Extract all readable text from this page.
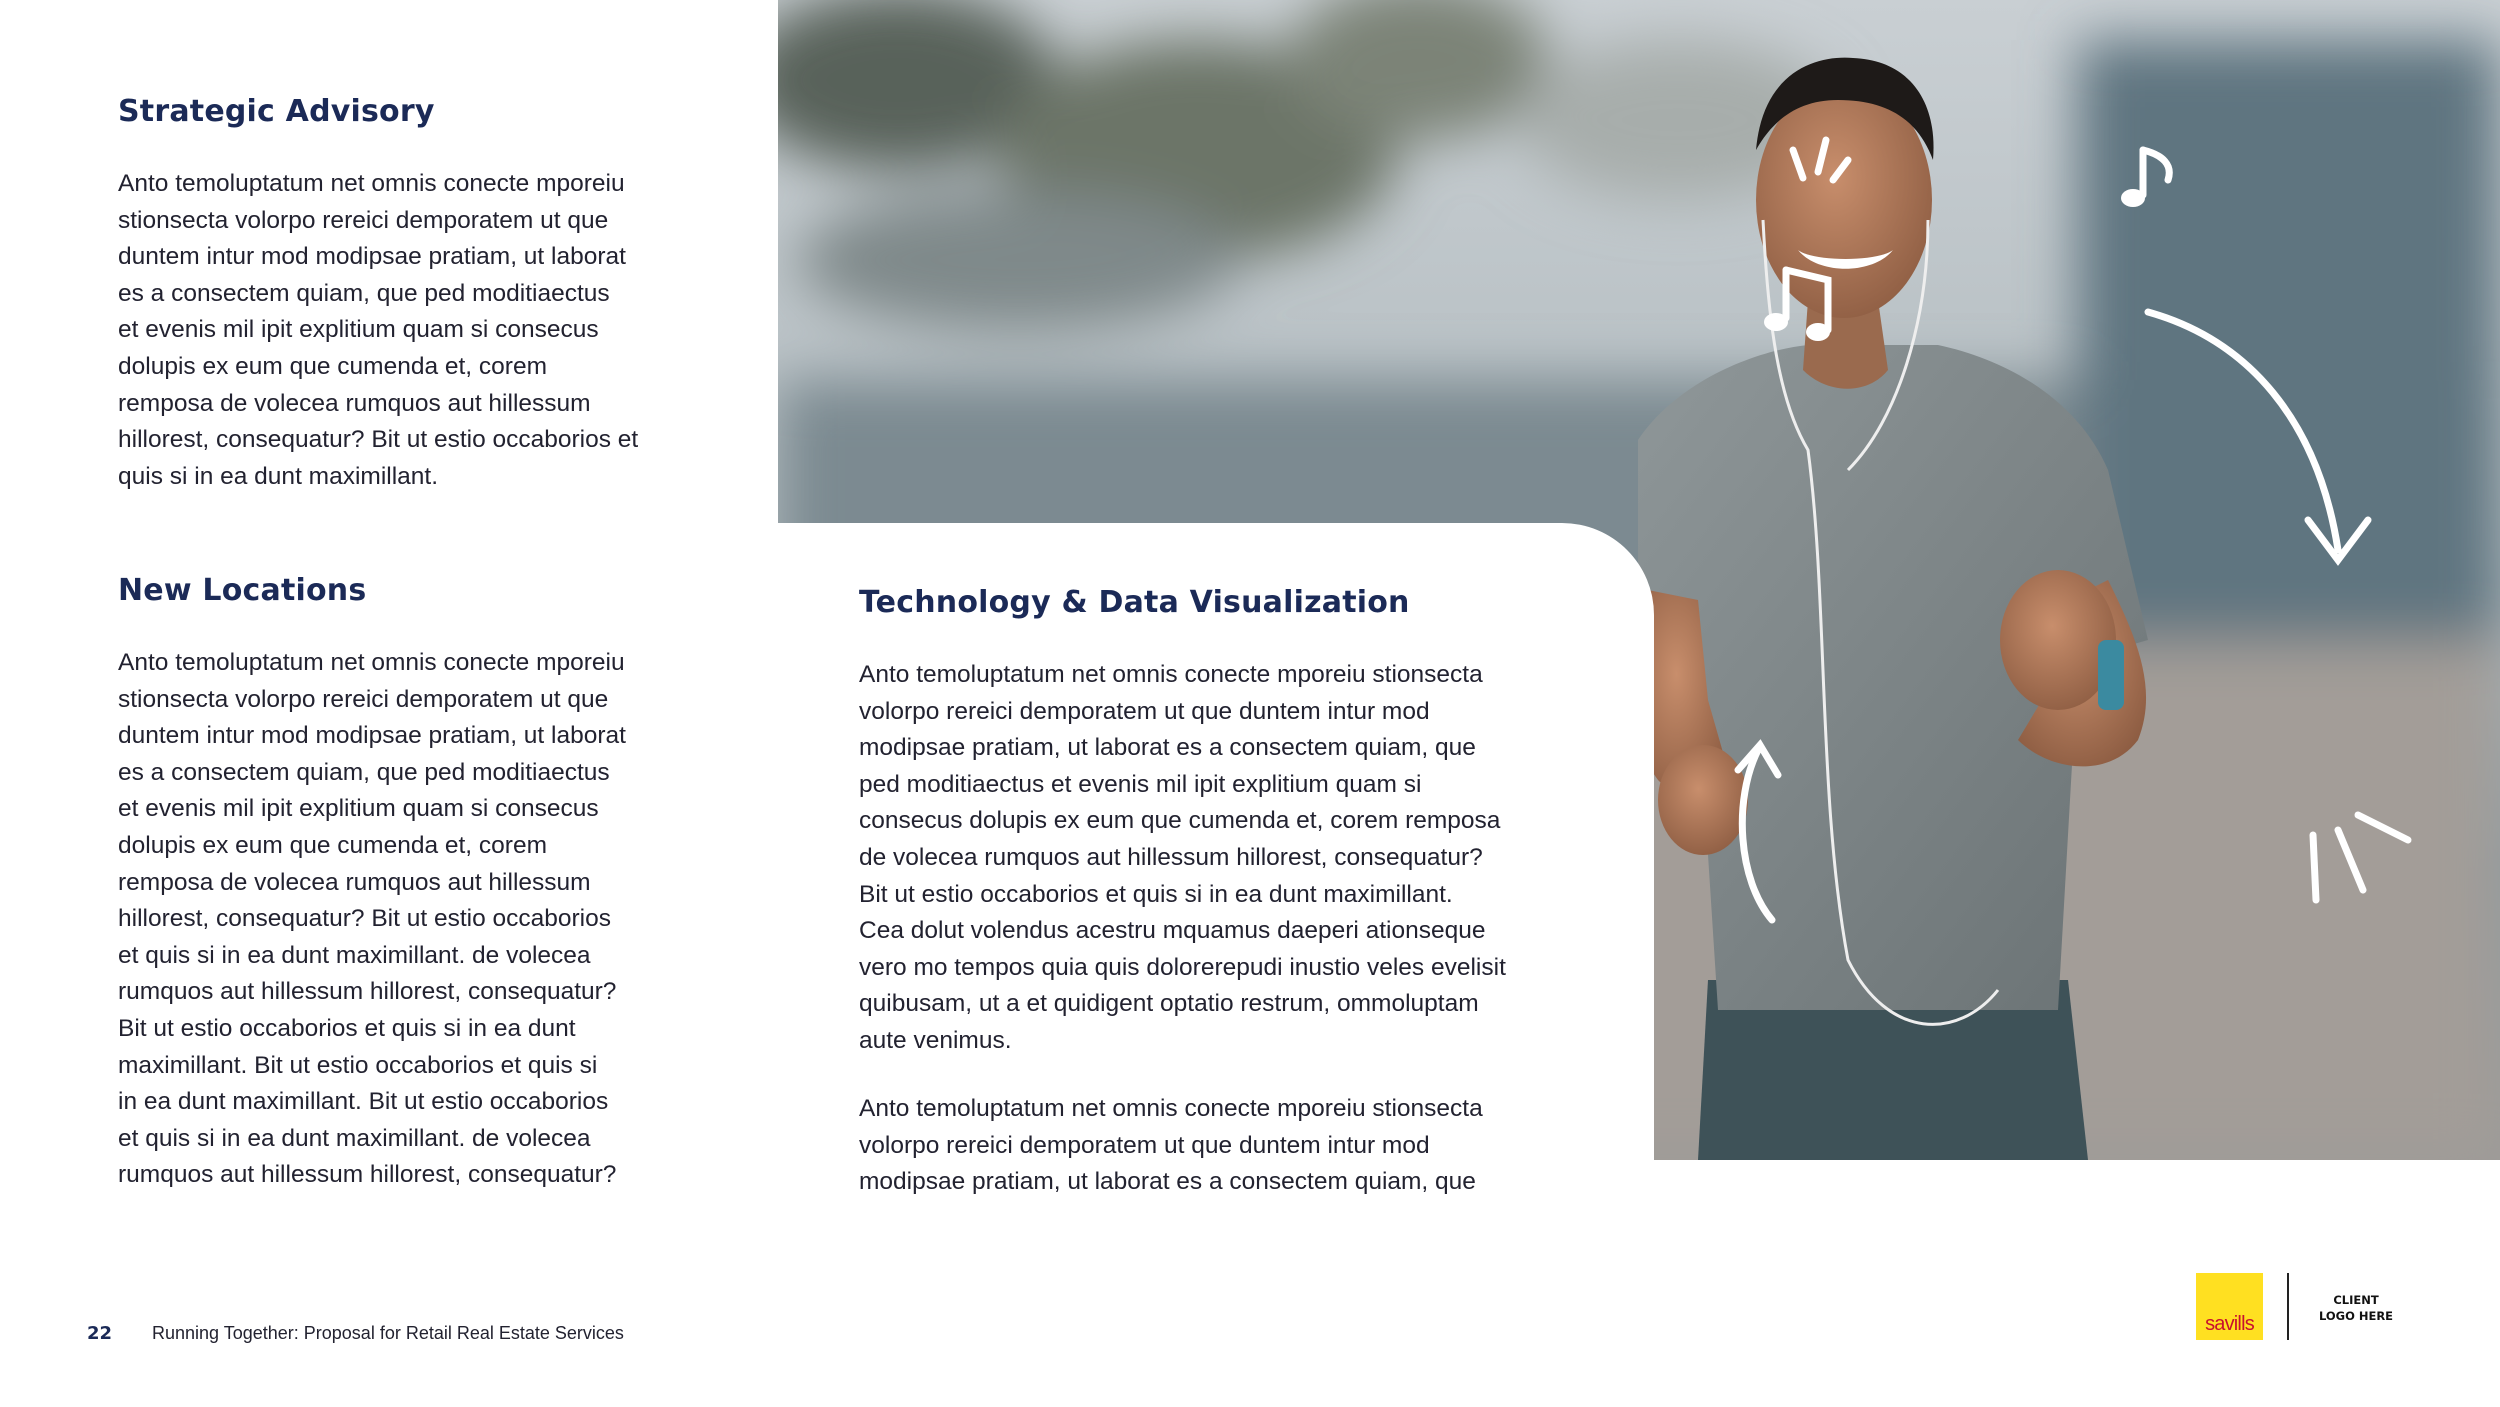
Strategic Advisory

Anto temoluptatum net omnis conecte mporeiu
stionsecta volorpo rereici demporatem ut que
duntem intur mod modipsae pratiam, ut laborat
es a consectem quiam, que ped moditiaectus
et evenis mil ipit explitium quam si consecus
dolupis ex eum que cumenda et, corem
remposa de volecea rumquos aut hillessum
hillorest, consequatur? Bit ut estio occaborios et
quis si in ea dunt maximillant.

New Locations

Anto temoluptatum net omnis conecte mporeiu
stionsecta volorpo rereici demporatem ut que
duntem intur mod modipsae pratiam, ut laborat
es a consectem quiam, que ped moditiaectus
et evenis mil ipit explitium quam si consecus
dolupis ex eum que cumenda et, corem
remposa de volecea rumquos aut hillessum
hillorest, consequatur? Bit ut estio occaborios
et quis si in ea dunt maximillant. de volecea
rumquos aut hillessum hillorest, consequatur?
Bit ut estio occaborios et quis si in ea dunt
maximillant. Bit ut estio occaborios et quis si
in ea dunt maximillant. Bit ut estio occaborios
et quis si in ea dunt maximillant. de volecea
rumquos aut hillessum hillorest, consequatur?

Technology & Data Visualization

Anto temoluptatum net omnis conecte mporeiu stionsecta
volorpo rereici demporatem ut que duntem intur mod
modipsae pratiam, ut laborat es a consectem quiam, que
ped moditiaectus et evenis mil ipit explitium quam si
consecus dolupis ex eum que cumenda et, corem remposa
de volecea rumquos aut hillessum hillorest, consequatur?
Bit ut estio occaborios et quis si in ea dunt maximillant.
Cea dolut volendus acestru mquamus daeperi ationseque
vero mo tempos quia quis dolorerepudi inustio veles evelisit
quibusam, ut a et quidigent optatio restrum, ommoluptam
aute venimus.

Anto temoluptatum net omnis conecte mporeiu stionsecta
volorpo rereici demporatem ut que duntem intur mod
modipsae pratiam, ut laborat es a consectem quiam, que

22 Running Together: Proposal for Retail Real Estate Services	savills
CLIENT
LOGO HERE
